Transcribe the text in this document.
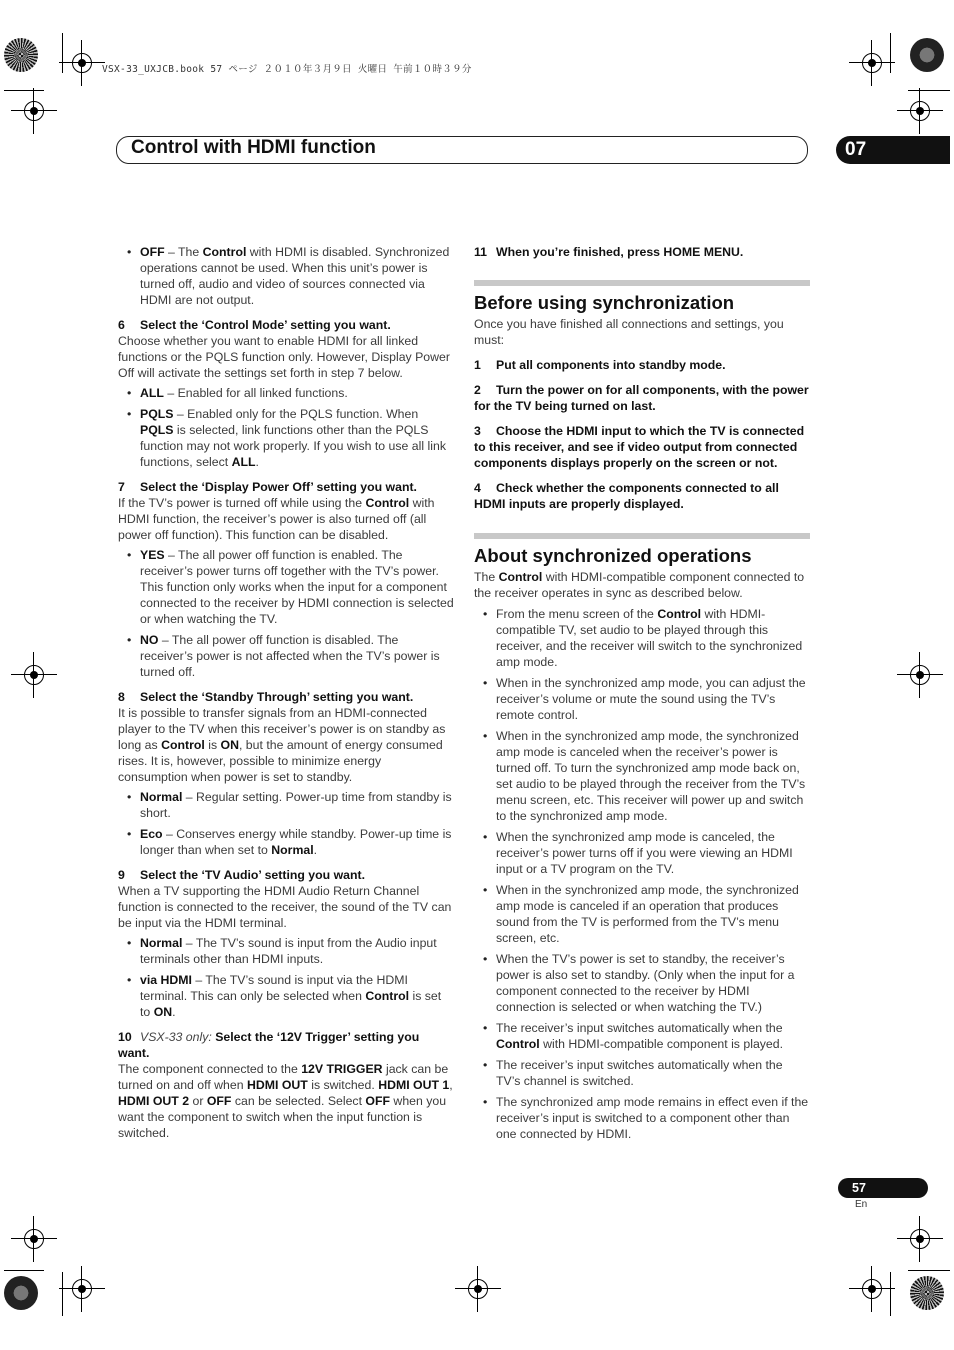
VSX-33_UXJCB.book 57 ページ ２０１０年３月９日 火曜日 午前１０時３９分
Control with HDMI function	07
• OFF – The Control with HDMI is disabled. Synchronized operations cannot be used. When this unit’s power is turned off, audio and video of sources connected via HDMI are not output.

6 Select the ‘Control Mode’ setting you want.

Choose whether you want to enable HDMI for all linked functions or the PQLS function only. However, Display Power Off will activate the settings set forth in step 7 below.

• ALL – Enabled for all linked functions.
• PQLS – Enabled only for the PQLS function. When PQLS is selected, link functions other than the PQLS function may not work properly. If you wish to use all link functions, select ALL.

7 Select the ‘Display Power Off’ setting you want.

If the TV’s power is turned off while using the Control with HDMI function, the receiver’s power is also turned off (all power off function). This function can be disabled.

• YES – The all power off function is enabled. The receiver’s power turns off together with the TV’s power.
This function only works when the input for a component connected to the receiver by HDMI connection is selected or when watching the TV.
• NO – The all power off function is disabled. The receiver’s power is not affected when the TV’s power is turned off.

8 Select the ‘Standby Through’ setting you want.

It is possible to transfer signals from an HDMI-connected player to the TV when this receiver’s power is on standby as long as Control is ON, but the amount of energy consumed rises. It is, however, possible to minimize energy consumption when power is set to standby.

• Normal – Regular setting. Power-up time from standby is short.
• Eco – Conserves energy while standby. Power-up time is longer than when set to Normal.

9 Select the ‘TV Audio’ setting you want.

When a TV supporting the HDMI Audio Return Channel function is connected to the receiver, the sound of the TV can be input via the HDMI terminal.

• Normal – The TV’s sound is input from the Audio input terminals other than HDMI inputs.
• via HDMI – The TV’s sound is input via the HDMI terminal. This can only be selected when Control is set to ON.

10 VSX-33 only: Select the ‘12V Trigger’ setting you want.

The component connected to the 12V TRIGGER jack can be turned on and off when HDMI OUT is switched. HDMI OUT 1, HDMI OUT 2 or OFF can be selected. Select OFF when you want the component to switch when the input function is switched.

11 When you’re finished, press HOME MENU.

Before using synchronization

Once you have finished all connections and settings, you must:

1 Put all components into standby mode.

2 Turn the power on for all components, with the power for the TV being turned on last.

3 Choose the HDMI input to which the TV is connected to this receiver, and see if video output from connected components displays properly on the screen or not.

4 Check whether the components connected to all HDMI inputs are properly displayed.

About synchronized operations

The Control with HDMI-compatible component connected to the receiver operates in sync as described below.

• From the menu screen of the Control with HDMI-compatible TV, set audio to be played through this receiver, and the receiver will switch to the synchronized amp mode.
• When in the synchronized amp mode, you can adjust the receiver’s volume or mute the sound using the TV’s remote control.
• When in the synchronized amp mode, the synchronized amp mode is canceled when the receiver’s power is turned off. To turn the synchronized amp mode back on, set audio to be played through the receiver from the TV’s menu screen, etc. This receiver will power up and switch to the synchronized amp mode.
• When the synchronized amp mode is canceled, the receiver’s power turns off if you were viewing an HDMI input or a TV program on the TV.
• When in the synchronized amp mode, the synchronized amp mode is canceled if an operation that produces sound from the TV is performed from the TV’s menu screen, etc.
• When the TV’s power is set to standby, the receiver’s power is also set to standby. (Only when the input for a component connected to the receiver by HDMI connection is selected or when watching the TV.)
• The receiver’s input switches automatically when the Control with HDMI-compatible component is played.
• The receiver’s input switches automatically when the TV’s channel is switched.
• The synchronized amp mode remains in effect even if the receiver’s input is switched to a component other than one connected by HDMI.
57
En
